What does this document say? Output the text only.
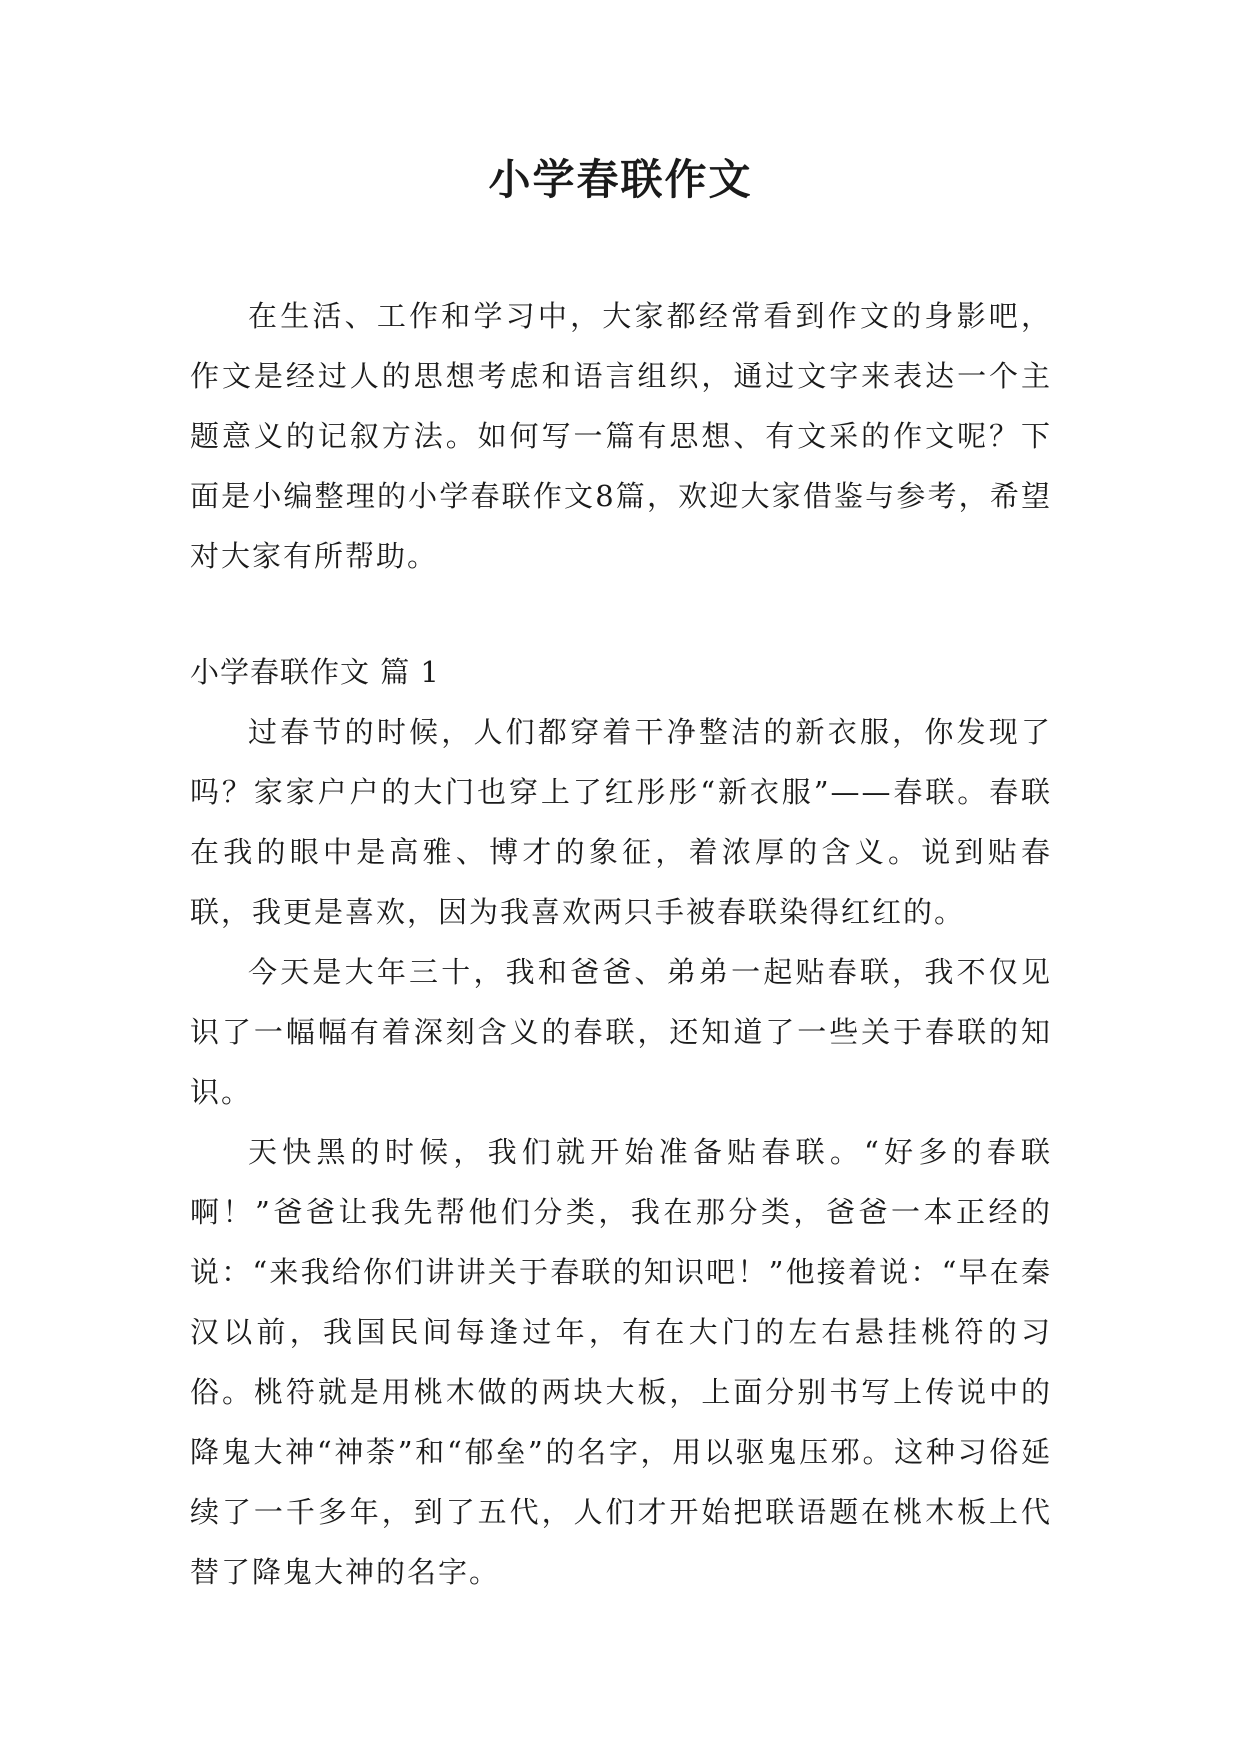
小学春联作文

在生活、工作和学习中，大家都经常看到作文的身影吧，作文是经过人的思想考虑和语言组织，通过文字来表达一个主题意义的记叙方法。如何写一篇有思想、有文采的作文呢？下面是小编整理的小学春联作文8篇，欢迎大家借鉴与参考，希望对大家有所帮助。

小学春联作文 篇 1

过春节的时候，人们都穿着干净整洁的新衣服，你发现了吗？家家户户的大门也穿上了红彤彤“新衣服”——春联。春联在我的眼中是高雅、博才的象征，着浓厚的含义。说到贴春联，我更是喜欢，因为我喜欢两只手被春联染得红红的。

今天是大年三十，我和爸爸、弟弟一起贴春联，我不仅见识了一幅幅有着深刻含义的春联，还知道了一些关于春联的知识。

天快黑的时候，我们就开始准备贴春联。“好多的春联啊！”爸爸让我先帮他们分类，我在那分类，爸爸一本正经的说：“来我给你们讲讲关于春联的知识吧！”他接着说：“早在秦汉以前，我国民间每逢过年，有在大门的左右悬挂桃符的习俗。桃符就是用桃木做的两块大板，上面分别书写上传说中的降鬼大神“神荼”和“郁垒”的名字，用以驱鬼压邪。这种习俗延续了一千多年，到了五代，人们才开始把联语题在桃木板上代替了降鬼大神的名字。
